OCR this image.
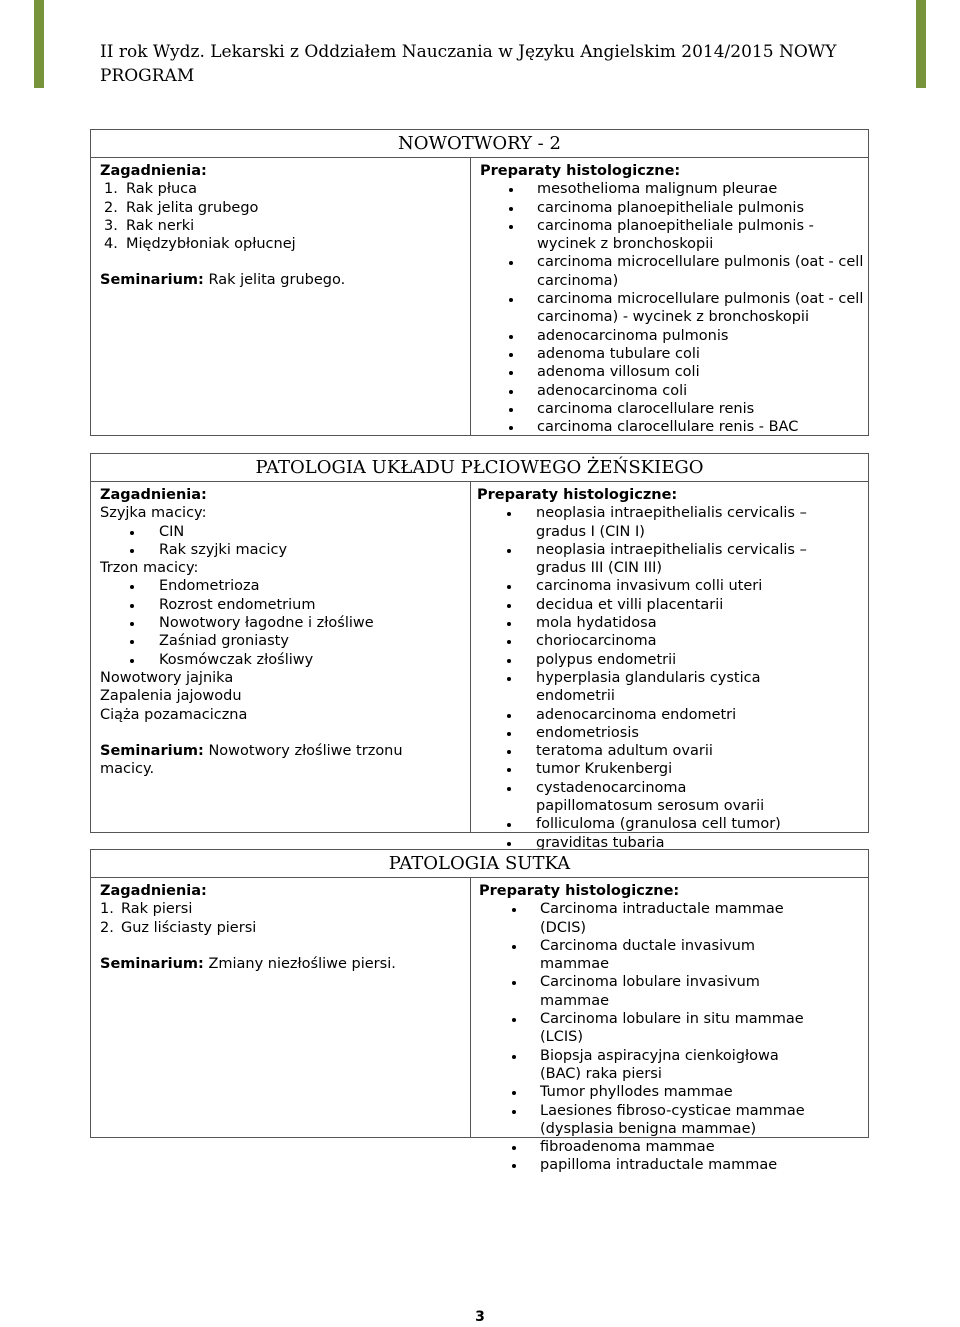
II rok Wydz. Lekarski z Oddziałem Nauczania w Języku Angielskim 2014/2015 NOWY
PROGRAM
NOWOTWORY - 2

Zagadnienia:

1. Rak płuca
2. Rak jelita grubego
3. Rak nerki
4. Międzybłoniak opłucnej

Seminarium: Rak jelita grubego.

Preparaty histologiczne:

mesothelioma malignum pleurae
carcinoma planoepitheliale pulmonis
carcinoma planoepitheliale pulmonis - wycinek z bronchoskopii
carcinoma microcellulare pulmonis (oat - cell carcinoma)
carcinoma microcellulare pulmonis (oat - cell carcinoma) - wycinek z bronchoskopii
adenocarcinoma pulmonis
adenoma tubulare coli
adenoma villosum coli
adenocarcinoma coli
carcinoma clarocellulare renis
carcinoma clarocellulare renis - BAC
PATOLOGIA UKŁADU PŁCIOWEGO ŻEŃSKIEGO

Zagadnienia:

Szyjka macicy:

CIN
Rak szyjki macicy

Trzon macicy:

Endometrioza
Rozrost endometrium
Nowotwory łagodne i złośliwe
Zaśniad groniasty
Kosmówczak złośliwy

Nowotwory jajnika

Zapalenia jajowodu

Ciąża pozamaciczna

Seminarium: Nowotwory złośliwe trzonu macicy.

Preparaty histologiczne:

neoplasia intraepithelialis cervicalis – gradus I (CIN I)
neoplasia intraepithelialis cervicalis – gradus III (CIN III)
carcinoma invasivum colli uteri
decidua et villi placentarii
mola hydatidosa
choriocarcinoma
polypus endometrii
hyperplasia glandularis cystica endometrii
adenocarcinoma endometri
endometriosis
teratoma adultum ovarii
tumor Krukenbergi
cystadenocarcinoma papillomatosum serosum ovarii
folliculoma (granulosa cell tumor)
graviditas tubaria
PATOLOGIA SUTKA

Zagadnienia:

1. Rak piersi
2. Guz liściasty piersi

Seminarium: Zmiany niezłośliwe piersi.

Preparaty histologiczne:

Carcinoma intraductale mammae (DCIS)
Carcinoma ductale invasivum mammae
Carcinoma lobulare invasivum mammae
Carcinoma lobulare in situ mammae (LCIS)
Biopsja aspiracyjna cienkoigłowa (BAC) raka piersi
Tumor phyllodes mammae
Laesiones fibroso-cysticae mammae (dysplasia benigna mammae)
fibroadenoma mammae
papilloma intraductale mammae
3
